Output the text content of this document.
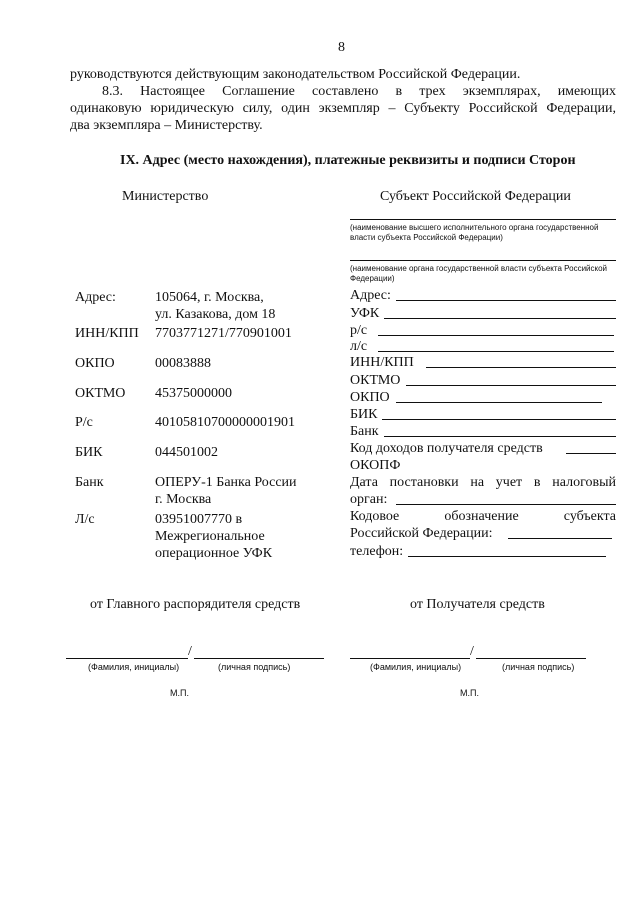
8
руководствуются действующим законодательством Российской Федерации.
8.3. Настоящее Соглашение составлено в трех экземплярах, имеющих
одинаковую юридическую силу, один экземпляр – Субъекту Российской Федерации,
два экземпляра – Министерству.
IX. Адрес (место нахождения), платежные реквизиты и подписи Сторон
Министерство	Субъект Российской Федерации
(наименование высшего исполнительного органа государственной власти субъекта Российской Федерации)
(наименование органа государственной власти субъекта Российской Федерации)
Адрес:	105064, г. Москва,
ул. Казакова, дом 18
ИНН/КПП 7703771271/770901001
ОКПО	00083888
ОКТМО 45375000000
Р/с	40105810700000001901
БИК	044501002
Банк	ОПЕРУ-1 Банка России
г. Москва
Л/с	03951007770 в
Межрегиональное
операционное УФК
Адрес:
УФК
р/с
л/с
ИНН/КПП
ОКТМО
ОКПО
БИК
Банк
Код доходов получателя средств
ОКОПФ
Дата постановки на учет в налоговый
орган:
Кодовое обозначение субъекта
Российской Федерации:
телефон:
от Главного распорядителя средств	от Получателя средств
/
(Фамилия, инициалы)	(личная подпись)
М.П.
/
(Фамилия, инициалы)	(личная подпись)
М.П.
